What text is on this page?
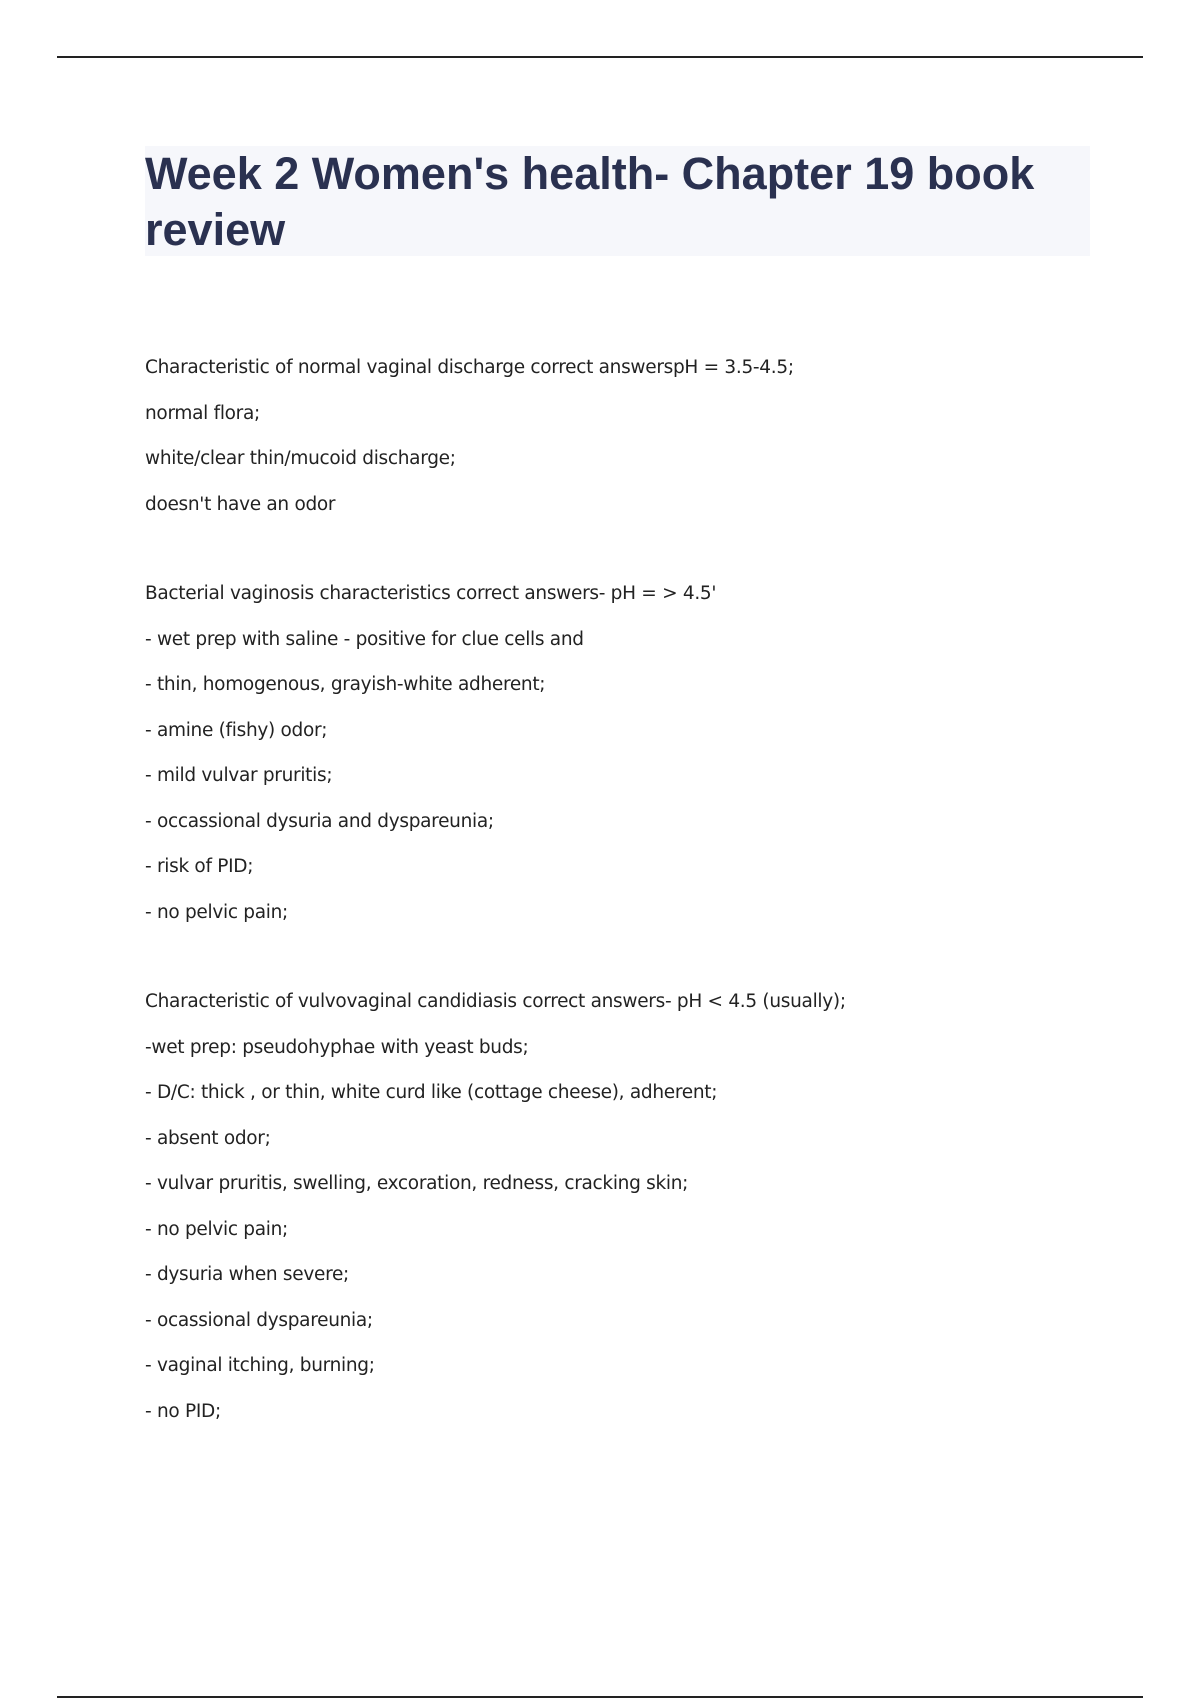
Week 2 Women's health- Chapter 19 book review
Characteristic of normal vaginal discharge correct answerspH = 3.5-4.5;
normal flora;
white/clear thin/mucoid discharge;
doesn't have an odor
Bacterial vaginosis characteristics correct answers- pH = > 4.5'
- wet prep with saline - positive for clue cells and
- thin, homogenous, grayish-white adherent;
- amine (fishy) odor;
- mild vulvar pruritis;
- occassional dysuria and dyspareunia;
- risk of PID;
- no pelvic pain;
Characteristic of vulvovaginal candidiasis correct answers- pH < 4.5 (usually);
-wet prep: pseudohyphae with yeast buds;
- D/C: thick , or thin, white curd like (cottage cheese), adherent;
- absent odor;
- vulvar pruritis, swelling, excoration, redness, cracking skin;
- no pelvic pain;
- dysuria when severe;
- ocassional dyspareunia;
- vaginal itching, burning;
- no PID;
